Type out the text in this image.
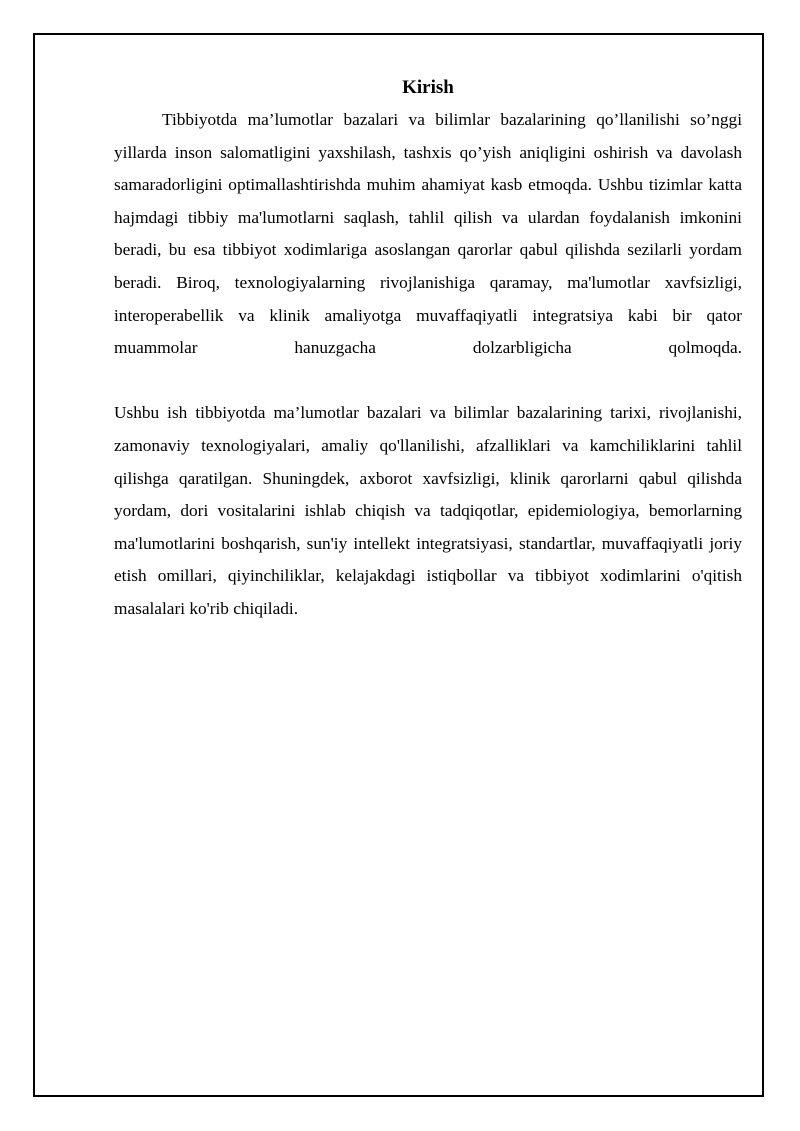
Kirish

Tibbiyotda ma’lumotlar bazalari va bilimlar bazalarining qo’llanilishi so’nggi yillarda inson salomatligini yaxshilash, tashxis qo’yish aniqligini oshirish va davolash samaradorligini optimallashtirishda muhim ahamiyat kasb etmoqda. Ushbu tizimlar katta hajmdagi tibbiy ma'lumotlarni saqlash, tahlil qilish va ulardan foydalanish imkonini beradi, bu esa tibbiyot xodimlariga asoslangan qarorlar qabul qilishda sezilarli yordam beradi. Biroq, texnologiyalarning rivojlanishiga qaramay, ma'lumotlar xavfsizligi, interoperabellik va klinik amaliyotga muvaffaqiyatli integratsiya kabi bir qator muammolar hanuzgacha dolzarbligicha qolmoqda.

Ushbu ish tibbiyotda ma’lumotlar bazalari va bilimlar bazalarining tarixi, rivojlanishi, zamonaviy texnologiyalari, amaliy qo'llanilishi, afzalliklari va kamchiliklarini tahlil qilishga qaratilgan. Shuningdek, axborot xavfsizligi, klinik qarorlarni qabul qilishda yordam, dori vositalarini ishlab chiqish va tadqiqotlar, epidemiologiya, bemorlarning ma'lumotlarini boshqarish, sun'iy intellekt integratsiyasi, standartlar, muvaffaqiyatli joriy etish omillari, qiyinchiliklar, kelajakdagi istiqbollar va tibbiyot xodimlarini o'qitish masalalari ko'rib chiqiladi.
